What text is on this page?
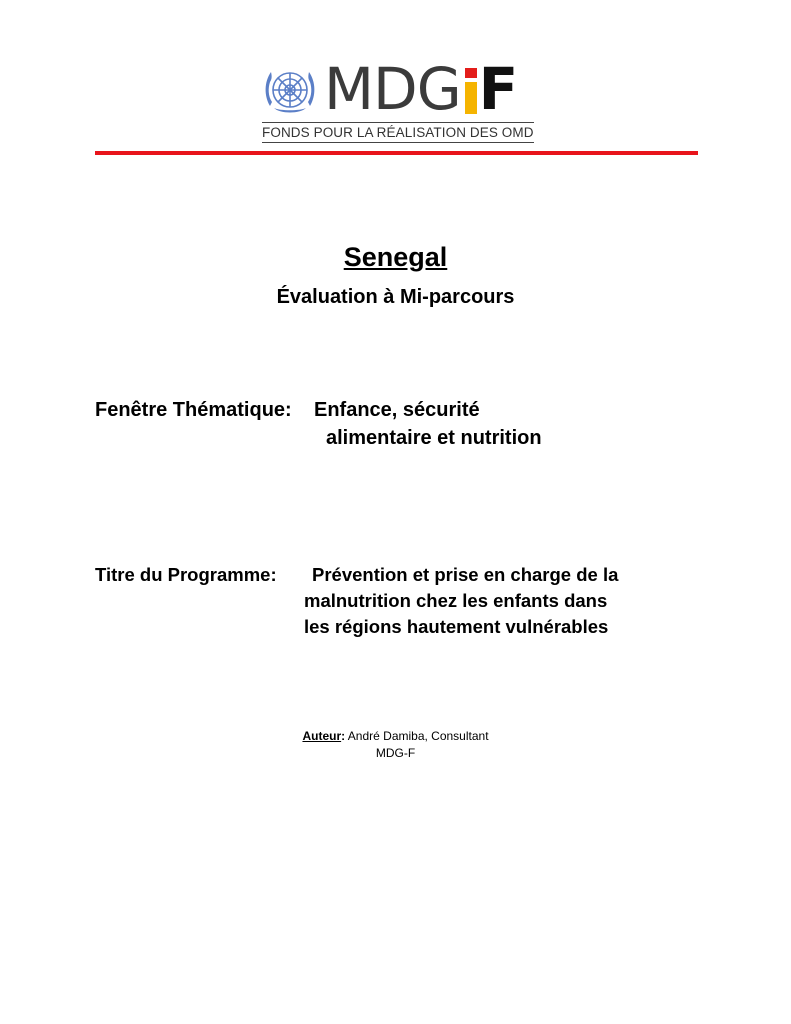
MDG F
FONDS POUR LA RÉALISATION DES OMD
Senegal
Évaluation à Mi-parcours
Fenêtre Thématique: Enfance, sécurité
alimentaire et nutrition
Titre du Programme: Prévention et prise en charge de la
malnutrition chez les enfants dans
les régions hautement vulnérables
Auteur: André Damiba, Consultant
MDG-F
